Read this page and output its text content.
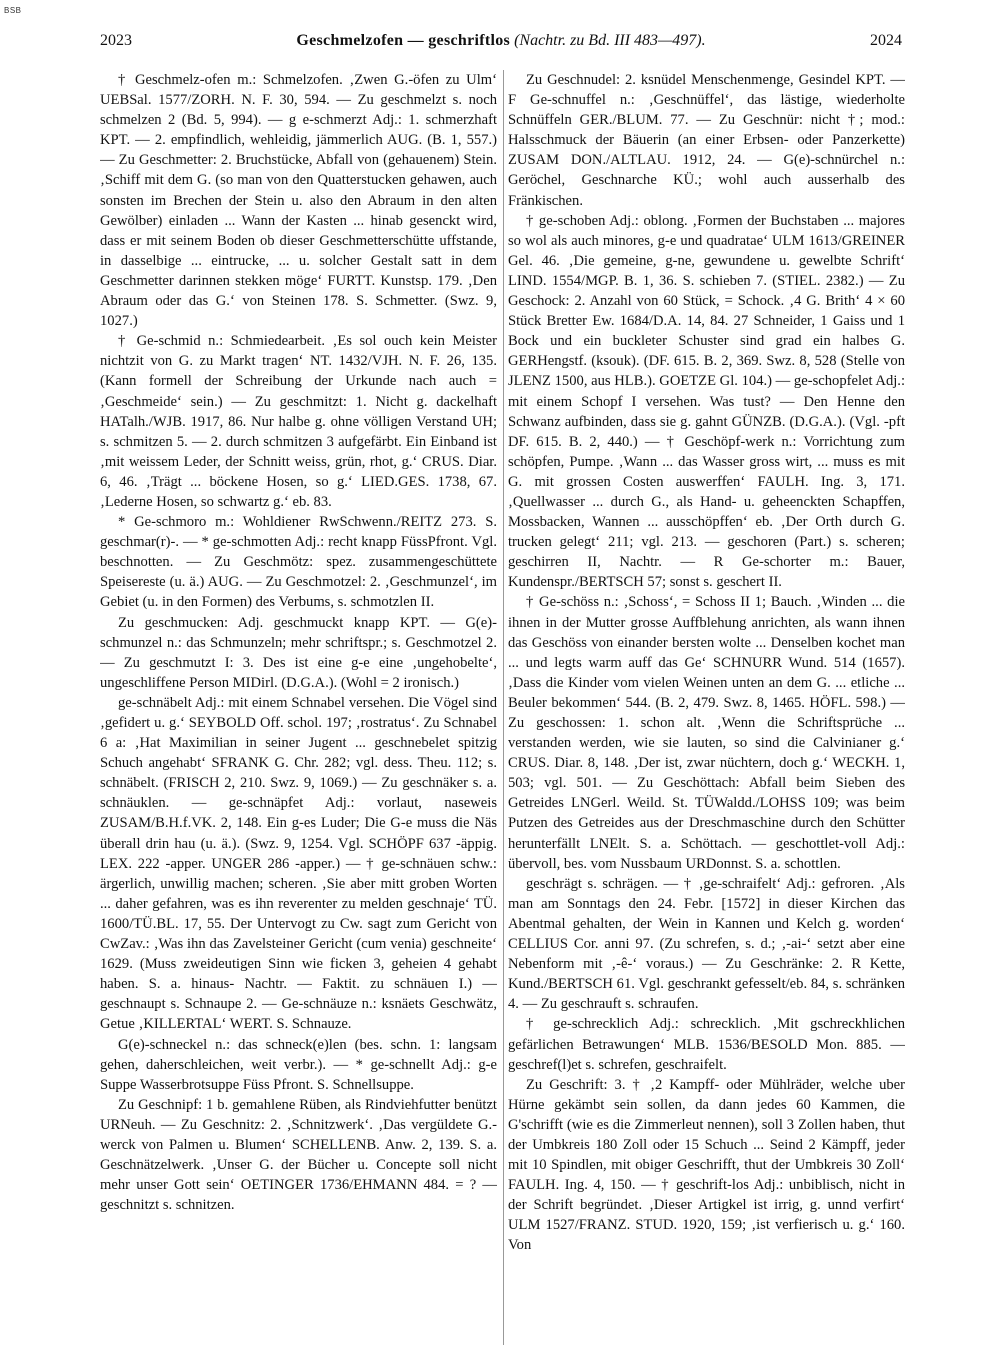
BSB
2023	Geschmelzofen — geschriftlos (Nachtr. zu Bd. III 483—497).	2024

† Geschmelz-ofen m.: Schmelzofen. ‚Zwen G.-öfen zu Ulm‘ UEBSal. 1577/ZORH. N. F. 30, 594. — Zu geschmelzt s. noch schmelzen 2 (Bd. 5, 994). — g e-schmerzt Adj.: 1. schmerzhaft KPT. — 2. empfindlich, wehleidig, jämmerlich AUG. (B. 1, 557.) — Zu Geschmetter: 2. Bruchstücke, Abfall von (gehauenem) Stein. ‚Schiff mit dem G. (so man von den Quatterstucken gehawen, auch sonsten im Brechen der Stein u. also den Abraum in den alten Gewölber) einladen ... Wann der Kasten ... hinab gesenckt wird, dass er mit seinem Boden ob dieser Geschmetterschütte uffstande, in dasselbige ... eintrucke, ... u. solcher Gestalt satt in dem Geschmetter darinnen stekken möge‘ FURTT. Kunstsp. 179. ‚Den Abraum oder das G.‘ von Steinen 178. S. Schmetter. (Swz. 9, 1027.)

† Ge-schmid n.: Schmiedearbeit. ‚Es sol ouch kein Meister nichtzit von G. zu Markt tragen‘ NT. 1432/VJH. N. F. 26, 135. (Kann formell der Schreibung der Urkunde nach auch = ‚Geschmeide‘ sein.) — Zu geschmitzt: 1. Nicht g. dackelhaft HATalh./WJB. 1917, 86. Nur halbe g. ohne völligen Verstand UH; s. schmitzen 5. — 2. durch schmitzen 3 aufgefärbt. Ein Einband ist ‚mit weissem Leder, der Schnitt weiss, grün, rhot, g.‘ CRUS. Diar. 6, 46. ‚Trägt ... böckene Hosen, so g.‘ LIED.GES. 1738, 67. ‚Lederne Hosen, so schwartz g.‘ eb. 83.

* Ge-schmoro m.: Wohldiener RwSchwenn./REITZ 273. S. geschmar(r)-. — * ge-schmotten Adj.: recht knapp FüssPfront. Vgl. beschnotten. — Zu Geschmötz: spez. zusammengeschüttete Speisereste (u. ä.) AUG. — Zu Geschmotzel: 2. ‚Geschmunzel‘, im Gebiet (u. in den Formen) des Verbums, s. schmotzlen II.

Zu geschmucken: Adj. geschmuckt knapp KPT. — G(e)-schmunzel n.: das Schmunzeln; mehr schriftspr.; s. Geschmotzel 2. — Zu geschmutzt I: 3. Des ist eine g-e eine ‚ungehobelte‘, ungeschliffene Person MIDirl. (D.G.A.). (Wohl = 2 ironisch.)

ge-schnäbelt Adj.: mit einem Schnabel versehen. Die Vögel sind ‚gefidert u. g.‘ SEYBOLD Off. schol. 197; ‚rostratus‘. Zu Schnabel 6 a: ‚Hat Maximilian in seiner Jugent ... geschnebelet spitzig Schuch angehabt‘ SFRANK G. Chr. 282; vgl. dess. Theu. 112; s. schnäbelt. (FRISCH 2, 210. Swz. 9, 1069.) — Zu geschnäker s. a. schnäuklen. — ge-schnäpfet Adj.: vorlaut, naseweis ZUSAM/B.H.f.VK. 2, 148. Ein g-es Luder; Die G-e muss die Näs überall drin hau (u. ä.). (Swz. 9, 1254. Vgl. SCHÖPF 637 -äppig. LEX. 222 -apper. UNGER 286 -apper.) — † ge-schnäuen schw.: ärgerlich, unwillig machen; scheren. ‚Sie aber mitt groben Worten ... daher gefahren, was es ihn reverenter zu melden geschnaje‘ TÜ. 1600/TÜ.BL. 17, 55. Der Untervogt zu Cw. sagt zum Gericht von CwZav.: ‚Was ihn das Zavelsteiner Gericht (cum venia) geschneite‘ 1629. (Muss zweideutigen Sinn wie ficken 3, geheien 4 gehabt haben. S. a. hinaus- Nachtr. — Faktit. zu schnäuen I.) — geschnaupt s. Schnaupe 2. — Ge-schnäuze n.: ksnäets Geschwätz, Getue ‚KILLERTAL‘ WERT. S. Schnauze.

G(e)-schneckel n.: das schneck(e)len (bes. schn. 1: langsam gehen, daherschleichen, weit verbr.). — * ge-schnellt Adj.: g-e Suppe Wasserbrotsuppe Füss Pfront. S. Schnellsuppe.

Zu Geschnipf: 1 b. gemahlene Rüben, als Rindviehfutter benützt URNeuh. — Zu Geschnitz: 2. ‚Schnitzwerk‘. ‚Das vergüldete G.-werck von Palmen u. Blumen‘ SCHELLENB. Anw. 2, 139. S. a. Geschnätzelwerk. ‚Unser G. der Bücher u. Concepte soll nicht mehr unser Gott sein‘ OETINGER 1736/EHMANN 484. = ? — geschnitzt s. schnitzen.

Zu Geschnudel: 2. ksnüdel Menschenmenge, Gesindel KPT. — F Ge-schnuffel n.: ‚Geschnüffel‘, das lästige, wiederholte Schnüffeln GER./BLUM. 77. — Zu Geschnür: nicht †; mod.: Halsschmuck der Bäuerin (an einer Erbsen- oder Panzerkette) ZUSAM DON./ALTLAU. 1912, 24. — G(e)-schnürchel n.: Geröchel, Geschnarche KÜ.; wohl auch ausserhalb des Fränkischen.

† ge-schoben Adj.: oblong. ‚Formen der Buchstaben ... majores so wol als auch minores, g-e und quadratae‘ ULM 1613/GREINER Gel. 46. ‚Die gemeine, g-ne, gewundene u. gewelbte Schrift‘ LIND. 1554/MGP. B. 1, 36. S. schieben 7. (STIEL. 2382.) — Zu Geschock: 2. Anzahl von 60 Stück, = Schock. ‚4 G. Brith‘ 4 × 60 Stück Bretter Ew. 1684/D.A. 14, 84. 27 Schneider, 1 Gaiss und 1 Bock und ein buckleter Schuster sind grad ein halbes G. GERHengstf. (ksouk). (DF. 615. B. 2, 369. Swz. 8, 528 (Stelle von JLENZ 1500, aus HLB.). GOETZE Gl. 104.) — ge-schopfelet Adj.: mit einem Schopf I versehen. Was tust? — Den Henne den Schwanz aufbinden, dass sie g. gahnt GÜNZB. (D.G.A.). (Vgl. -pft DF. 615. B. 2, 440.) — † Geschöpf-werk n.: Vorrichtung zum schöpfen, Pumpe. ‚Wann ... das Wasser gross wirt, ... muss es mit G. mit grossen Costen auswerffen‘ FAULH. Ing. 3, 171. ‚Quellwasser ... durch G., als Hand- u. geheenckten Schapffen, Mossbacken, Wannen ... ausschöpffen‘ eb. ‚Der Orth durch G. trucken gelegt‘ 211; vgl. 213. — geschoren (Part.) s. scheren; geschirren II, Nachtr. — R Ge-schorter m.: Bauer, Kundenspr./BERTSCH 57; sonst s. geschert II.

† Ge-schöss n.: ‚Schoss‘, = Schoss II 1; Bauch. ‚Winden ... die ihnen in der Mutter grosse Auffblehung anrichten, als wann ihnen das Geschöss von einander bersten wolte ... Denselben kochet man ... und legts warm auff das Ge‘ SCHNURR Wund. 514 (1657). ‚Dass die Kinder vom vielen Weinen unten an dem G. ... etliche ... Beuler bekommen‘ 544. (B. 2, 479. Swz. 8, 1465. HÖFL. 598.) — Zu geschossen: 1. schon alt. ‚Wenn die Schriftsprüche ... verstanden werden, wie sie lauten, so sind die Calvinianer g.‘ CRUS. Diar. 8, 148. ‚Der ist, zwar nüchtern, doch g.‘ WECKH. 1, 503; vgl. 501. — Zu Geschöttach: Abfall beim Sieben des Getreides LNGerl. Weild. St. TÜWaldd./LOHSS 109; was beim Putzen des Getreides aus der Dreschmaschine durch den Schütter herunterfällt LNElt. S. a. Schöttach. — geschottlet-voll Adj.: übervoll, bes. vom Nussbaum URDonnst. S. a. schottlen.

geschrägt s. schrägen. — † ‚ge-schraifelt‘ Adj.: gefroren. ‚Als man am Sonntags den 24. Febr. [1572] in dieser Kirchen das Abentmal gehalten, der Wein in Kannen und Kelch g. worden‘ CELLIUS Cor. anni 97. (Zu schrefen, s. d.; ‚-ai-‘ setzt aber eine Nebenform mit ‚-ê-‘ voraus.) — Zu Geschränke: 2. R Kette, Kund./BERTSCH 61. Vgl. geschrankt gefesselt/eb. 84, s. schränken 4. — Zu geschrauft s. schraufen.

† ge-schrecklich Adj.: schrecklich. ‚Mit gschreckhlichen gefärlichen Betrawungen‘ MLB. 1536/BESOLD Mon. 885. — geschref(l)et s. schrefen, geschraifelt.

Zu Geschrift: 3. † ‚2 Kampff- oder Mühlräder, welche uber Hürne gekämbt sein sollen, da dann jedes 60 Kammen, die G'schrifft (wie es die Zimmerleut nennen), soll 3 Zollen haben, thut der Umbkreis 180 Zoll oder 15 Schuch ... Seind 2 Kämpff, jeder mit 10 Spindlen, mit obiger Geschrifft, thut der Umbkreis 30 Zoll‘ FAULH. Ing. 4, 150. — † geschrift-los Adj.: unbiblisch, nicht in der Schrift begründet. ‚Dieser Artigkel ist irrig, g. unnd verfirt‘ ULM 1527/FRANZ. STUD. 1920, 159; ‚ist verfierisch u. g.‘ 160. Von
